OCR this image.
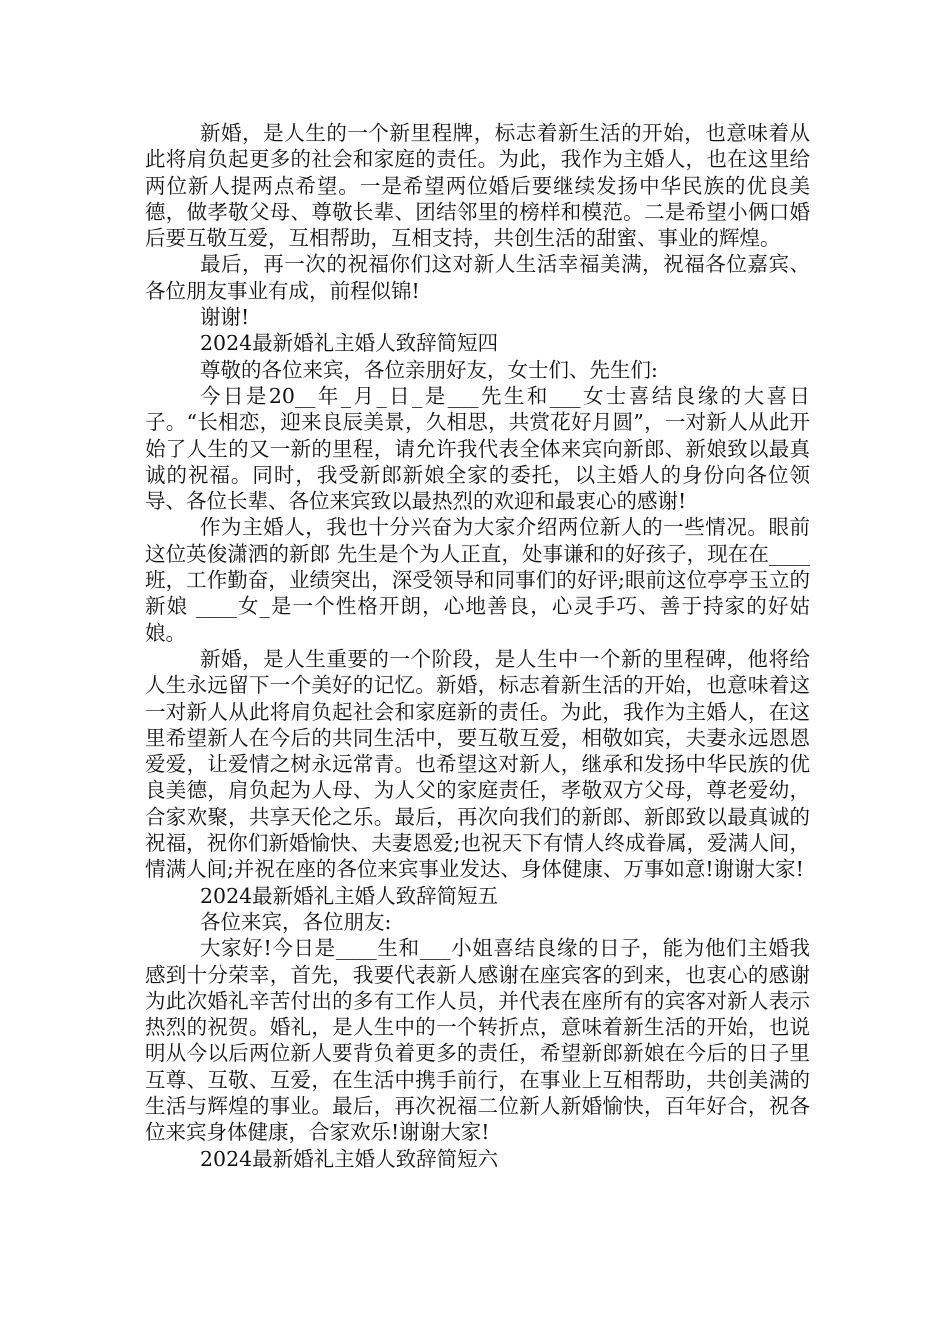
新婚，是人生的一个新里程牌，标志着新生活的开始，也意味着从此将肩负起更多的社会和家庭的责任。为此，我作为主婚人，也在这里给两位新人提两点希望。一是希望两位婚后要继续发扬中华民族的优良美德，做孝敬父母、尊敬长辈、团结邻里的榜样和模范。二是希望小俩口婚后要互敬互爱，互相帮助，互相支持，共创生活的甜蜜、事业的辉煌。

最后，再一次的祝福你们这对新人生活幸福美满，祝福各位嘉宾、各位朋友事业有成，前程似锦!

谢谢!

2024最新婚礼主婚人致辞简短四

尊敬的各位来宾，各位亲朋好友，女士们、先生们:

今日是20__年_月_日_是___先生和___女士喜结良缘的大喜日子。“长相恋，迎来良辰美景，久相思，共赏花好月圆”，一对新人从此开始了人生的又一新的里程，请允许我代表全体来宾向新郎、新娘致以最真诚的祝福。同时，我受新郎新娘全家的委托，以主婚人的身份向各位领导、各位长辈、各位来宾致以最热烈的欢迎和最衷心的感谢!

作为主婚人，我也十分兴奋为大家介绍两位新人的一些情况。眼前这位英俊潇洒的新郎 先生是个为人正直，处事谦和的好孩子，现在在____班，工作勤奋，业绩突出，深受领导和同事们的好评;眼前这位亭亭玉立的新娘 ____女_是一个性格开朗，心地善良，心灵手巧、善于持家的好姑娘。

新婚，是人生重要的一个阶段，是人生中一个新的里程碑，他将给人生永远留下一个美好的记忆。新婚，标志着新生活的开始，也意味着这一对新人从此将肩负起社会和家庭新的责任。为此，我作为主婚人，在这里希望新人在今后的共同生活中，要互敬互爱，相敬如宾，夫妻永远恩恩爱爱，让爱情之树永远常青。也希望这对新人，继承和发扬中华民族的优良美德，肩负起为人母、为人父的家庭责任，孝敬双方父母，尊老爱幼，合家欢聚，共享天伦之乐。最后，再次向我们的新郎、新郎致以最真诚的祝福，祝你们新婚愉快、夫妻恩爱;也祝天下有情人终成眷属，爱满人间，情满人间;并祝在座的各位来宾事业发达、身体健康、万事如意!谢谢大家!

2024最新婚礼主婚人致辞简短五

各位来宾，各位朋友:

大家好!今日是____生和___小姐喜结良缘的日子，能为他们主婚我感到十分荣幸，首先，我要代表新人感谢在座宾客的到来，也衷心的感谢为此次婚礼辛苦付出的多有工作人员，并代表在座所有的宾客对新人表示热烈的祝贺。婚礼，是人生中的一个转折点，意味着新生活的开始，也说明从今以后两位新人要背负着更多的责任，希望新郎新娘在今后的日子里互尊、互敬、互爱，在生活中携手前行，在事业上互相帮助，共创美满的生活与辉煌的事业。最后，再次祝福二位新人新婚愉快，百年好合，祝各位来宾身体健康，合家欢乐!谢谢大家!

2024最新婚礼主婚人致辞简短六
